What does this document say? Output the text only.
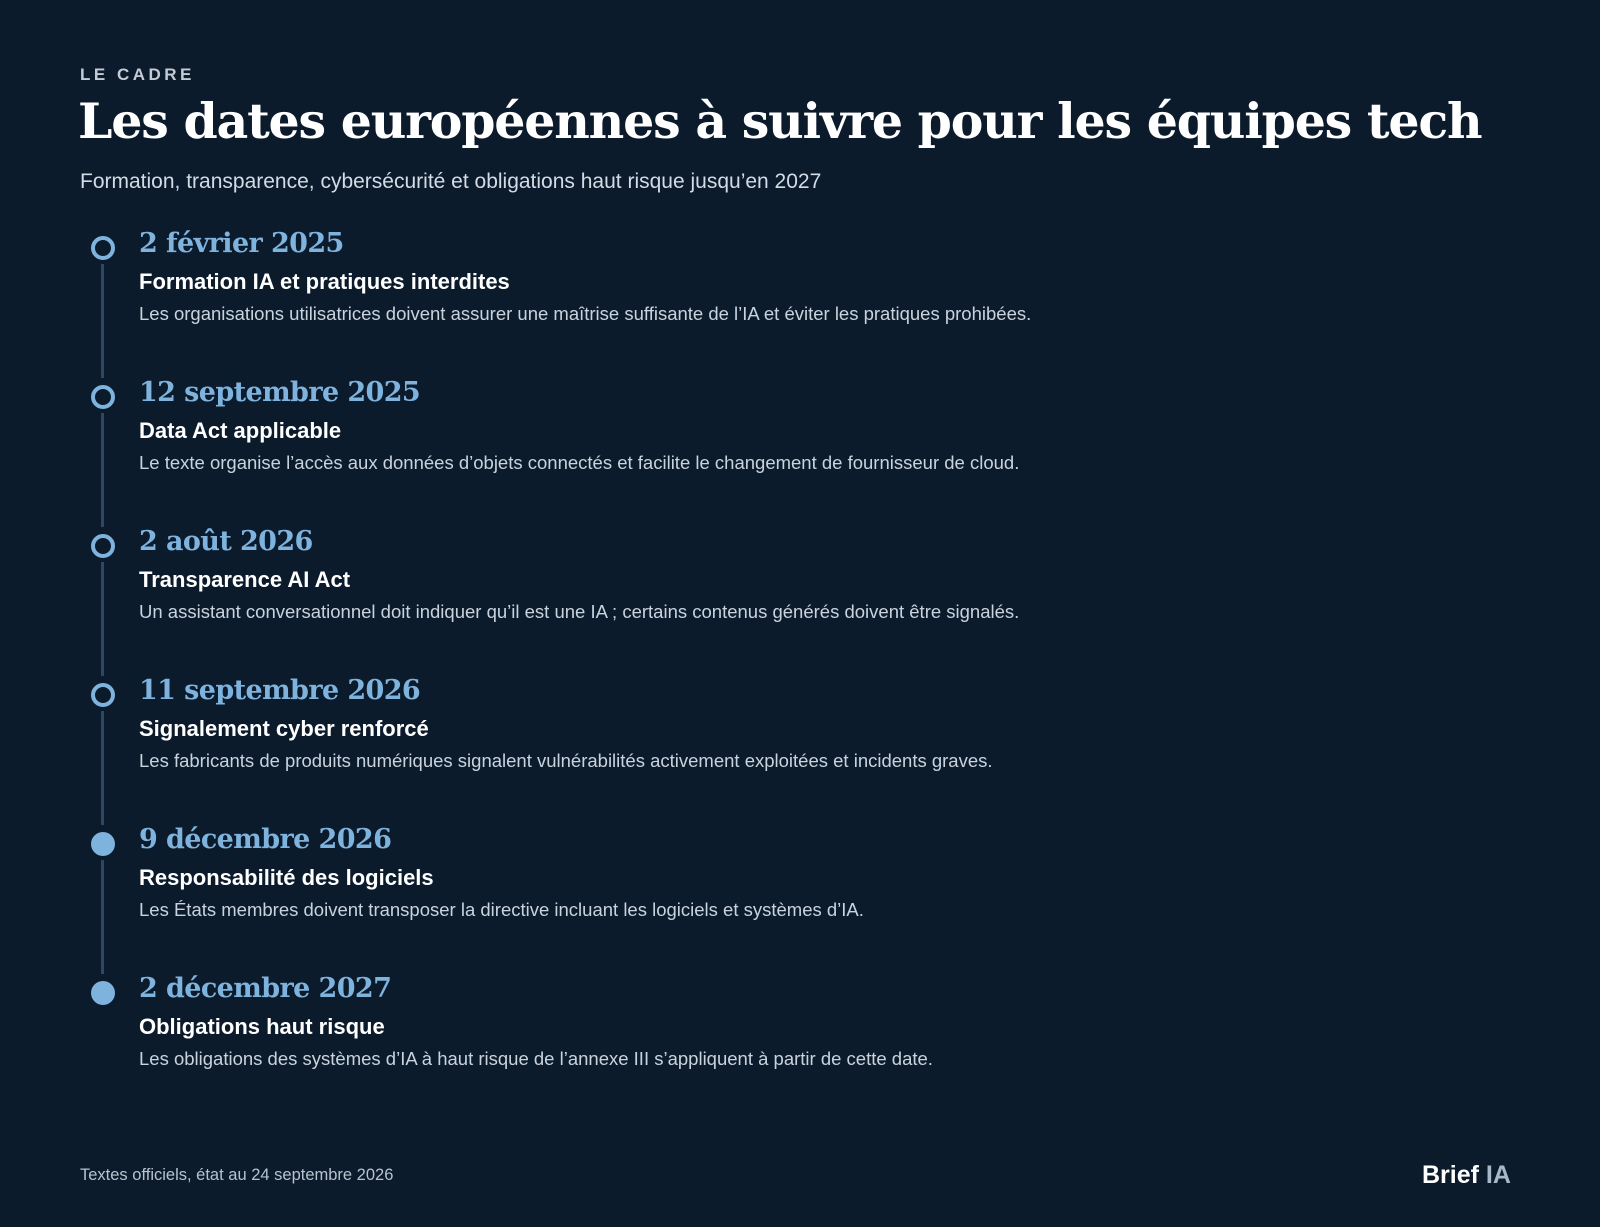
LE CADRE
Les dates européennes à suivre pour les équipes tech
Formation, transparence, cybersécurité et obligations haut risque jusqu’en 2027
2 février 2025
Formation IA et pratiques interdites
Les organisations utilisatrices doivent assurer une maîtrise suffisante de l’IA et éviter les pratiques prohibées.
12 septembre 2025
Data Act applicable
Le texte organise l’accès aux données d’objets connectés et facilite le changement de fournisseur de cloud.
2 août 2026
Transparence AI Act
Un assistant conversationnel doit indiquer qu’il est une IA ; certains contenus générés doivent être signalés.
11 septembre 2026
Signalement cyber renforcé
Les fabricants de produits numériques signalent vulnérabilités activement exploitées et incidents graves.
9 décembre 2026
Responsabilité des logiciels
Les États membres doivent transposer la directive incluant les logiciels et systèmes d’IA.
2 décembre 2027
Obligations haut risque
Les obligations des systèmes d’IA à haut risque de l’annexe III s’appliquent à partir de cette date.
Textes officiels, état au 24 septembre 2026	Brief IA
